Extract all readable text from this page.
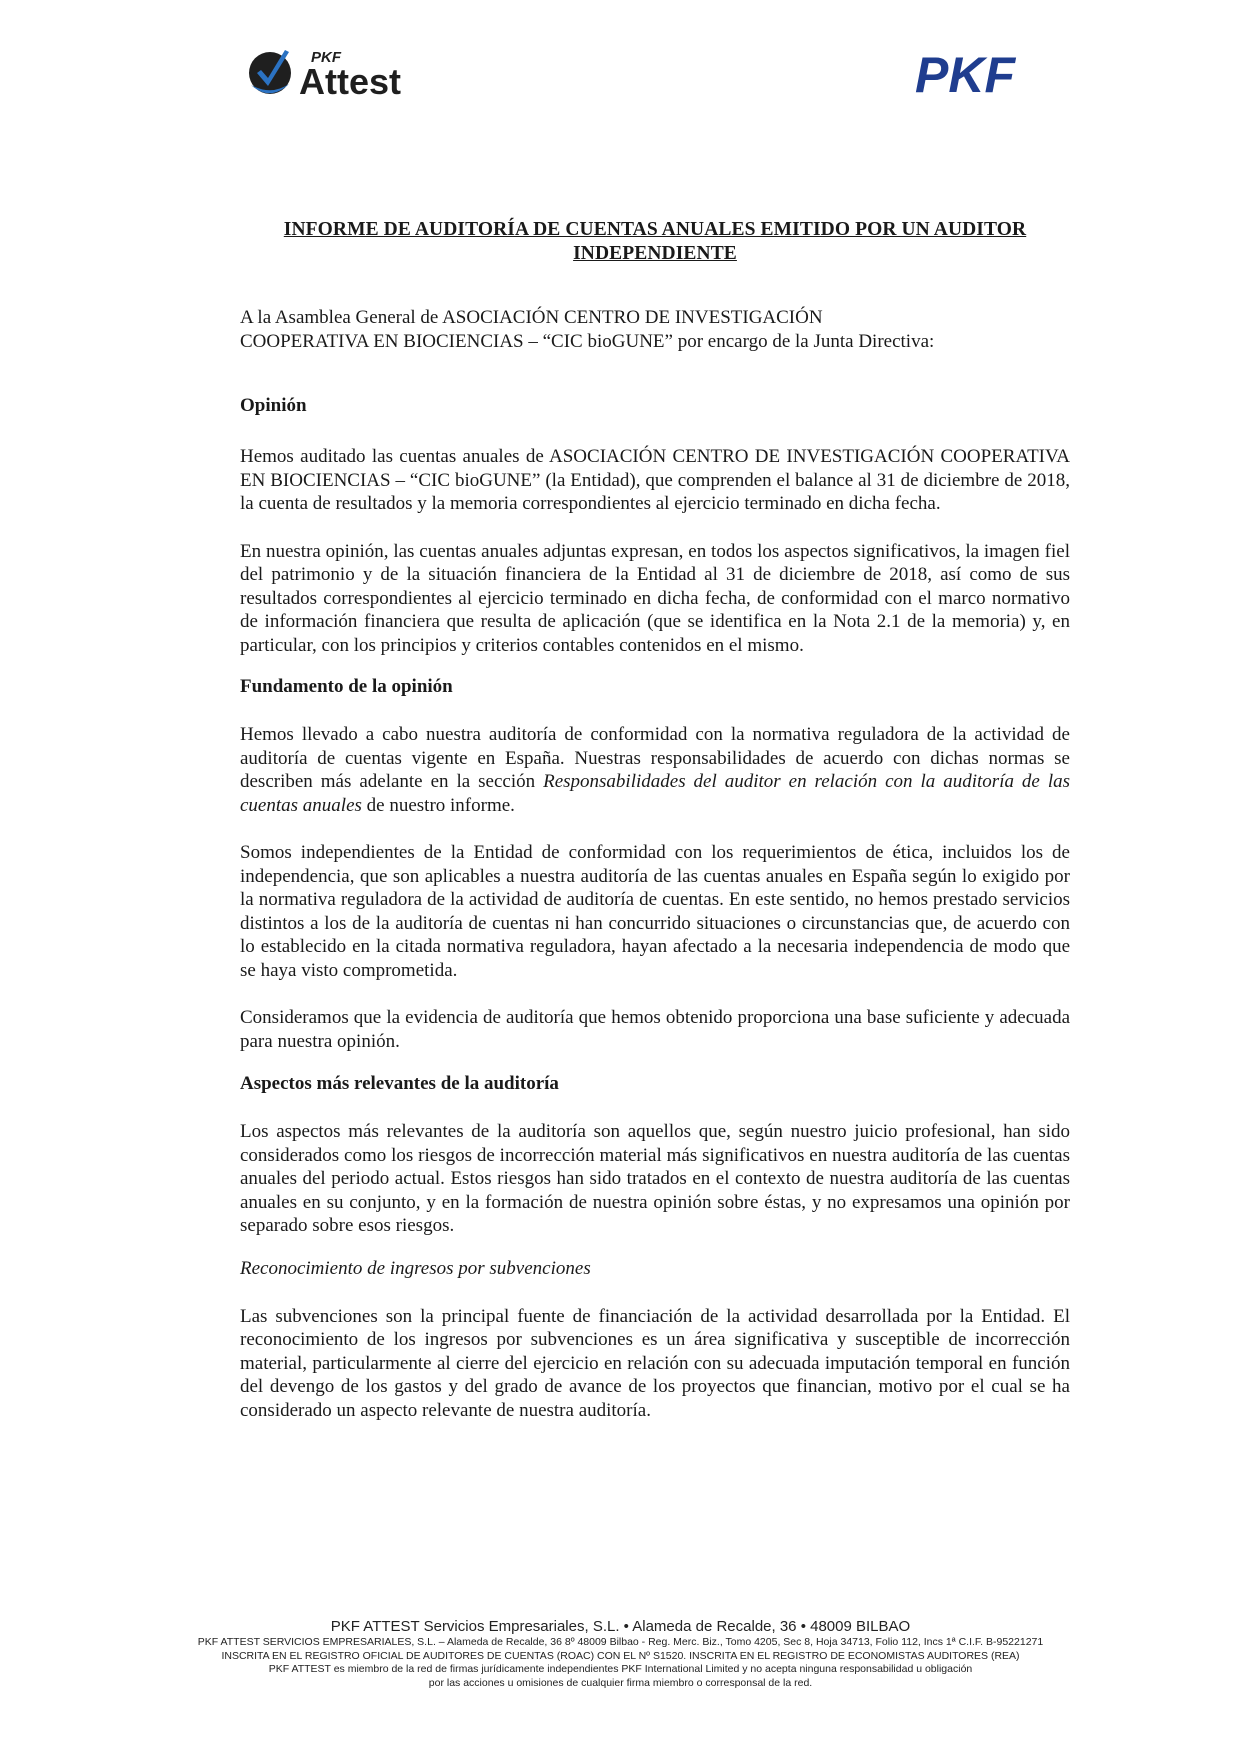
PKF
Attest	PKF
INFORME DE AUDITORÍA DE CUENTAS ANUALES EMITIDO POR UN AUDITOR
INDEPENDIENTE
A la Asamblea General de ASOCIACIÓN CENTRO DE INVESTIGACIÓN
COOPERATIVA EN BIOCIENCIAS – “CIC bioGUNE” por encargo de la Junta Directiva:
Opinión

Hemos auditado las cuentas anuales de ASOCIACIÓN CENTRO DE INVESTIGACIÓN COOPERATIVA EN BIOCIENCIAS – “CIC bioGUNE” (la Entidad), que comprenden el balance al 31 de diciembre de 2018, la cuenta de resultados y la memoria correspondientes al ejercicio terminado en dicha fecha.

En nuestra opinión, las cuentas anuales adjuntas expresan, en todos los aspectos significativos, la imagen fiel del patrimonio y de la situación financiera de la Entidad al 31 de diciembre de 2018, así como de sus resultados correspondientes al ejercicio terminado en dicha fecha, de conformidad con el marco normativo de información financiera que resulta de aplicación (que se identifica en la Nota 2.1 de la memoria) y, en particular, con los principios y criterios contables contenidos en el mismo.

Fundamento de la opinión

Hemos llevado a cabo nuestra auditoría de conformidad con la normativa reguladora de la actividad de auditoría de cuentas vigente en España. Nuestras responsabilidades de acuerdo con dichas normas se describen más adelante en la sección Responsabilidades del auditor en relación con la auditoría de las cuentas anuales de nuestro informe.

Somos independientes de la Entidad de conformidad con los requerimientos de ética, incluidos los de independencia, que son aplicables a nuestra auditoría de las cuentas anuales en España según lo exigido por la normativa reguladora de la actividad de auditoría de cuentas. En este sentido, no hemos prestado servicios distintos a los de la auditoría de cuentas ni han concurrido situaciones o circunstancias que, de acuerdo con lo establecido en la citada normativa reguladora, hayan afectado a la necesaria independencia de modo que se haya visto comprometida.

Consideramos que la evidencia de auditoría que hemos obtenido proporciona una base suficiente y adecuada para nuestra opinión.

Aspectos más relevantes de la auditoría

Los aspectos más relevantes de la auditoría son aquellos que, según nuestro juicio profesional, han sido considerados como los riesgos de incorrección material más significativos en nuestra auditoría de las cuentas anuales del periodo actual. Estos riesgos han sido tratados en el contexto de nuestra auditoría de las cuentas anuales en su conjunto, y en la formación de nuestra opinión sobre éstas, y no expresamos una opinión por separado sobre esos riesgos.

Reconocimiento de ingresos por subvenciones

Las subvenciones son la principal fuente de financiación de la actividad desarrollada por la Entidad. El reconocimiento de los ingresos por subvenciones es un área significativa y susceptible de incorrección material, particularmente al cierre del ejercicio en relación con su adecuada imputación temporal en función del devengo de los gastos y del grado de avance de los proyectos que financian, motivo por el cual se ha considerado un aspecto relevante de nuestra auditoría.

PKF ATTEST Servicios Empresariales, S.L. • Alameda de Recalde, 36 • 48009 BILBAO
PKF ATTEST SERVICIOS EMPRESARIALES, S.L. – Alameda de Recalde, 36 8º 48009 Bilbao - Reg. Merc. Biz., Tomo 4205, Sec 8, Hoja 34713, Folio 112, Incs 1ª C.I.F. B-95221271
INSCRITA EN EL REGISTRO OFICIAL DE AUDITORES DE CUENTAS (ROAC) CON EL Nº S1520. INSCRITA EN EL REGISTRO DE ECONOMISTAS AUDITORES (REA)
PKF ATTEST es miembro de la red de firmas jurídicamente independientes PKF International Limited y no acepta ninguna responsabilidad u obligación
por las acciones u omisiones de cualquier firma miembro o corresponsal de la red.
